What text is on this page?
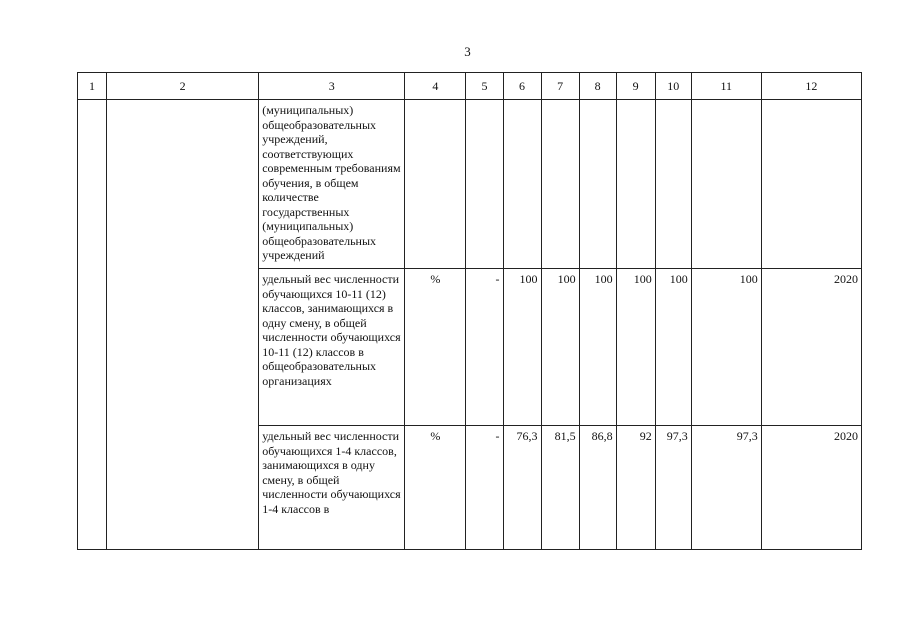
3
1	2	3	4	5	6	7	8	9	10	11	12
		(муниципальных) общеобразовательных учреждений, соответствующих современным требованиям обучения, в общем количестве государственных (муниципальных) общеобразовательных учреждений									
		удельный вес численности обучающихся 10-11 (12) классов, занимающихся в одну смену, в общей численности обучающихся 10-11 (12) классов в общеобразовательных организациях	%	-	100	100	100	100	100	100	2020
		удельный вес численности обучающихся 1-4 классов, занимающихся в одну смену, в общей численности обучающихся 1-4 классов в	%	-	76,3	81,5	86,8	92	97,3	97,3	2020
